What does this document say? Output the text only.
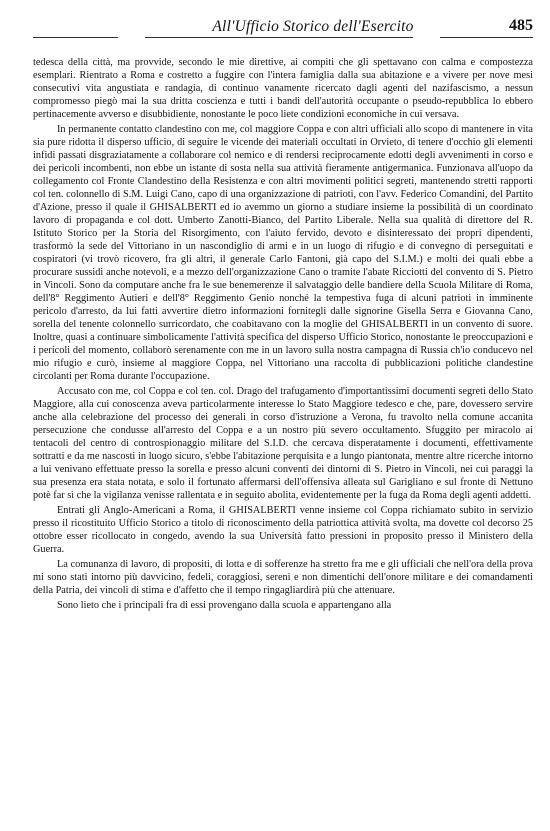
All'Ufficio Storico dell'Esercito	485

tedesca della città, ma provvide, secondo le mie direttive, ai compiti che gli spettavano con calma e compostezza esemplari. Rientrato a Roma e costretto a fuggire con l'intera famiglia dalla sua abitazione e a vivere per nove mesi consecutivi vita angustiata e randagia, di continuo vanamente ricercato dagli agenti del nazifascismo, a nessun compromesso piegò mai la sua dritta coscienza e tutti i bandi dell'autorità occupante o pseudo-repubblica lo ebbero pertinacemente avverso e disubbidiente, nonostante le poco liete condizioni economiche in cui versava.

In permanente contatto clandestino con me, col maggiore Coppa e con altri ufficiali allo scopo di mantenere in vita sia pure ridotta il disperso ufficio, di seguire le vicende dei materiali occultati in Orvieto, di tenere d'occhio gli elementi infidi passati disgraziatamente a collaborare col nemico e di rendersi reciprocamente edotti degli avvenimenti in corso e dei pericoli incombenti, non ebbe un istante di sosta nella sua attività fieramente antigermanica. Funzionava all'uopo da collegamento col Fronte Clandestino della Resistenza e con altri movimenti politici segreti, mantenendo stretti rapporti col ten. colonnello di S.M. Luigi Cano, capo di una organizzazione di patrioti, con l'avv. Federico Comandini, del Partito d'Azione, presso il quale il GHISALBERTI ed io avemmo un giorno a studiare insieme la possibilità di un coordinato lavoro di propaganda e col dott. Umberto Zanotti-Bianco, del Partito Liberale. Nella sua qualità di direttore del R. Istituto Storico per la Storia del Risorgimento, con l'aiuto fervido, devoto e disinteressato dei propri dipendenti, trasformò la sede del Vittoriano in un nascondiglio di armi e in un luogo di rifugio e di convegno di perseguitati e cospiratori (vi trovò ricovero, fra gli altri, il generale Carlo Fantoni, già capo del S.I.M.) e molti dei quali ebbe a procurare sussidi anche notevoli, e a mezzo dell'organizzazione Cano o tramite l'abate Ricciotti del convento di S. Pietro in Vincoli. Sono da computare anche fra le sue benemerenze il salvataggio delle bandiere della Scuola Militare di Roma, dell'8° Reggimento Autieri e dell'8° Reggimento Genio nonché la tempestiva fuga di alcuni patrioti in imminente pericolo d'arresto, da lui fatti avvertire dietro informazioni fornitegli dalle signorine Gisella Serra e Giovanna Cano, sorella del tenente colonnello surricordato, che coabitavano con la moglie del GHISALBERTI in un convento di suore. Inoltre, quasi a continuare simbolicamente l'attività specifica del disperso Ufficio Storico, nonostante le preoccupazioni e i pericoli del momento, collaborò serenamente con me in un lavoro sulla nostra campagna di Russia ch'io conducevo nel mio rifugio e curò, insieme al maggiore Coppa, nel Vittoriano una raccolta di pubblicazioni politiche clandestine circolanti per Roma durante l'occupazione.

Accusato con me, col Coppa e col ten. col. Drago del trafugamento d'importantissimi documenti segreti dello Stato Maggiore, alla cui conoscenza aveva particolarmente interesse lo Stato Maggiore tedesco e che, pare, dovessero servire anche alla celebrazione del processo dei generali in corso d'istruzione a Verona, fu travolto nella comune accanita persecuzione che condusse all'arresto del Coppa e a un nostro più severo occultamento. Sfuggito per miracolo ai tentacoli del centro di controspionaggio militare del S.I.D. che cercava disperatamente i documenti, effettivamente sottratti e da me nascosti in luogo sicuro, s'ebbe l'abitazione perquisita e a lungo piantonata, mentre altre ricerche intorno a lui venivano effettuate presso la sorella e presso alcuni conventi dei dintorni di S. Pietro in Vincoli, nei cui paraggi la sua presenza era stata notata, e solo il fortunato affermarsi dell'offensiva alleata sul Garigliano e sul fronte di Nettuno potè far sì che la vigilanza venisse rallentata e in seguito abolita, evidentemente per la fuga da Roma degli agenti addetti.

Entrati gli Anglo-Americani a Roma, il GHISALBERTI venne insieme col Coppa richiamato subito in servizio presso il ricostituito Ufficio Storico a titolo di riconoscimento della patriottica attività svolta, ma dovette col decorso 25 ottobre esser ricollocato in congedo, avendo la sua Università fatto pressioni in proposito presso il Ministero della Guerra.

La comunanza di lavoro, di propositi, di lotta e di sofferenze ha stretto fra me e gli ufficiali che nell'ora della prova mi sono stati intorno più davvicino, fedeli, coraggiosi, sereni e non dimentichi dell'onore militare e dei comandamenti della Patria, dei vincoli di stima e d'affetto che il tempo ringagliardirà più che attenuare.

Sono lieto che i principali fra di essi provengano dalla scuola e appartengano alla
